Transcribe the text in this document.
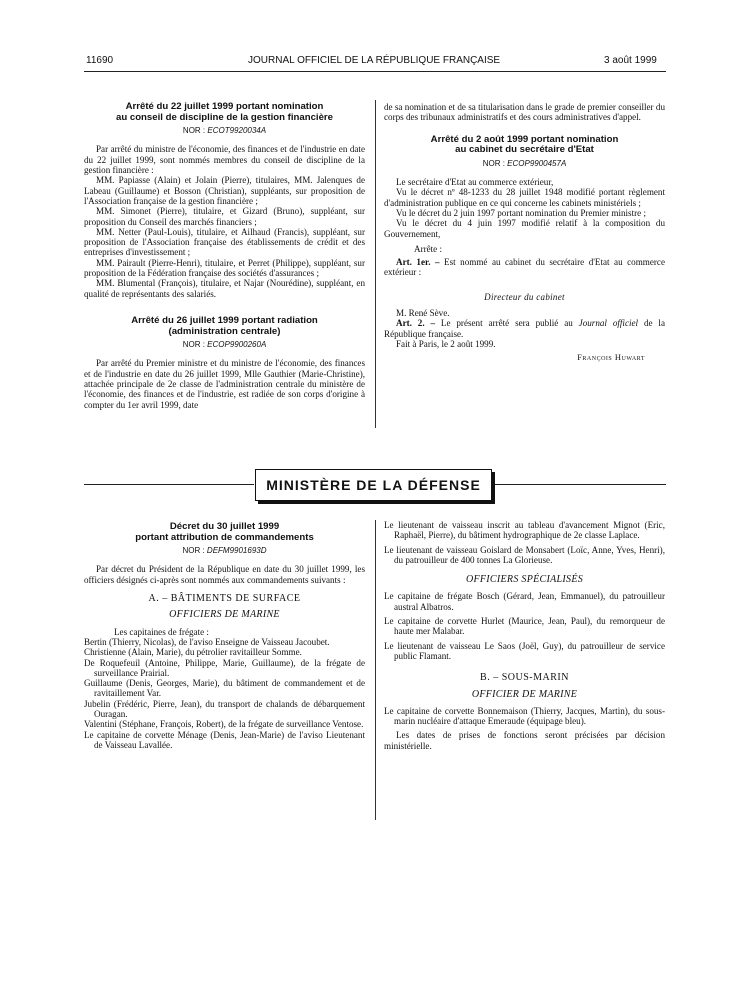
11690	JOURNAL OFFICIEL DE LA RÉPUBLIQUE FRANÇAISE	3 août 1999
Arrêté du 22 juillet 1999 portant nomination
au conseil de discipline de la gestion financière

NOR : ECOT9920034A

Par arrêté du ministre de l'économie, des finances et de l'industrie en date du 22 juillet 1999, sont nommés membres du conseil de discipline de la gestion financière :

MM. Papiasse (Alain) et Jolain (Pierre), titulaires, MM. Jalenques de Labeau (Guillaume) et Bosson (Christian), suppléants, sur proposition de l'Association française de la gestion financière ;

MM. Simonet (Pierre), titulaire, et Gizard (Bruno), suppléant, sur proposition du Conseil des marchés financiers ;

MM. Netter (Paul-Louis), titulaire, et Ailhaud (Francis), suppléant, sur proposition de l'Association française des établissements de crédit et des entreprises d'investissement ;

MM. Pairault (Pierre-Henri), titulaire, et Perret (Philippe), suppléant, sur proposition de la Fédération française des sociétés d'assurances ;

MM. Blumental (François), titulaire, et Najar (Nourédine), suppléant, en qualité de représentants des salariés.

Arrêté du 26 juillet 1999 portant radiation
(administration centrale)

NOR : ECOP9900260A

Par arrêté du Premier ministre et du ministre de l'économie, des finances et de l'industrie en date du 26 juillet 1999, Mlle Gauthier (Marie-Christine), attachée principale de 2e classe de l'administration centrale du ministère de l'économie, des finances et de l'industrie, est radiée de son corps d'origine à compter du 1er avril 1999, date

de sa nomination et de sa titularisation dans le grade de premier conseiller du corps des tribunaux administratifs et des cours administratives d'appel.

Arrêté du 2 août 1999 portant nomination
au cabinet du secrétaire d'Etat

NOR : ECOP9900457A

Le secrétaire d'Etat au commerce extérieur,

Vu le décret nº 48-1233 du 28 juillet 1948 modifié portant règlement d'administration publique en ce qui concerne les cabinets ministériels ;

Vu le décret du 2 juin 1997 portant nomination du Premier ministre ;

Vu le décret du 4 juin 1997 modifié relatif à la composition du Gouvernement,

Arrête :

Art. 1er. – Est nommé au cabinet du secrétaire d'Etat au commerce extérieur :

Directeur du cabinet

M. René Sève.

Art. 2. – Le présent arrêté sera publié au Journal officiel de la République française.

Fait à Paris, le 2 août 1999.

François Huwart

MINISTÈRE DE LA DÉFENSE
Décret du 30 juillet 1999
portant attribution de commandements

NOR : DEFM9901693D

Par décret du Président de la République en date du 30 juillet 1999, les officiers désignés ci-après sont nommés aux commandements suivants :

A. – BÂTIMENTS DE SURFACE

OFFICIERS DE MARINE

Les capitaines de frégate :

Bertin (Thierry, Nicolas), de l'aviso Enseigne de Vaisseau Jacoubet.

Christienne (Alain, Marie), du pétrolier ravitailleur Somme.

De Roquefeuil (Antoine, Philippe, Marie, Guillaume), de la frégate de surveillance Prairial.

Guillaume (Denis, Georges, Marie), du bâtiment de commandement et de ravitaillement Var.

Jubelin (Frédéric, Pierre, Jean), du transport de chalands de débarquement Ouragan.

Valentini (Stéphane, François, Robert), de la frégate de surveillance Ventose.

Le capitaine de corvette Ménage (Denis, Jean-Marie) de l'aviso Lieutenant de Vaisseau Lavallée.

Le lieutenant de vaisseau inscrit au tableau d'avancement Mignot (Eric, Raphaël, Pierre), du bâtiment hydrographique de 2e classe Laplace.

Le lieutenant de vaisseau Goislard de Monsabert (Loïc, Anne, Yves, Henri), du patrouilleur de 400 tonnes La Glorieuse.

OFFICIERS SPÉCIALISÉS

Le capitaine de frégate Bosch (Gérard, Jean, Emmanuel), du patrouilleur austral Albatros.

Le capitaine de corvette Hurlet (Maurice, Jean, Paul), du remorqueur de haute mer Malabar.

Le lieutenant de vaisseau Le Saos (Joël, Guy), du patrouilleur de service public Flamant.

B. – SOUS-MARIN

OFFICIER DE MARINE

Le capitaine de corvette Bonnemaison (Thierry, Jacques, Martin), du sous-marin nucléaire d'attaque Emeraude (équipage bleu).

Les dates de prises de fonctions seront précisées par décision ministérielle.
